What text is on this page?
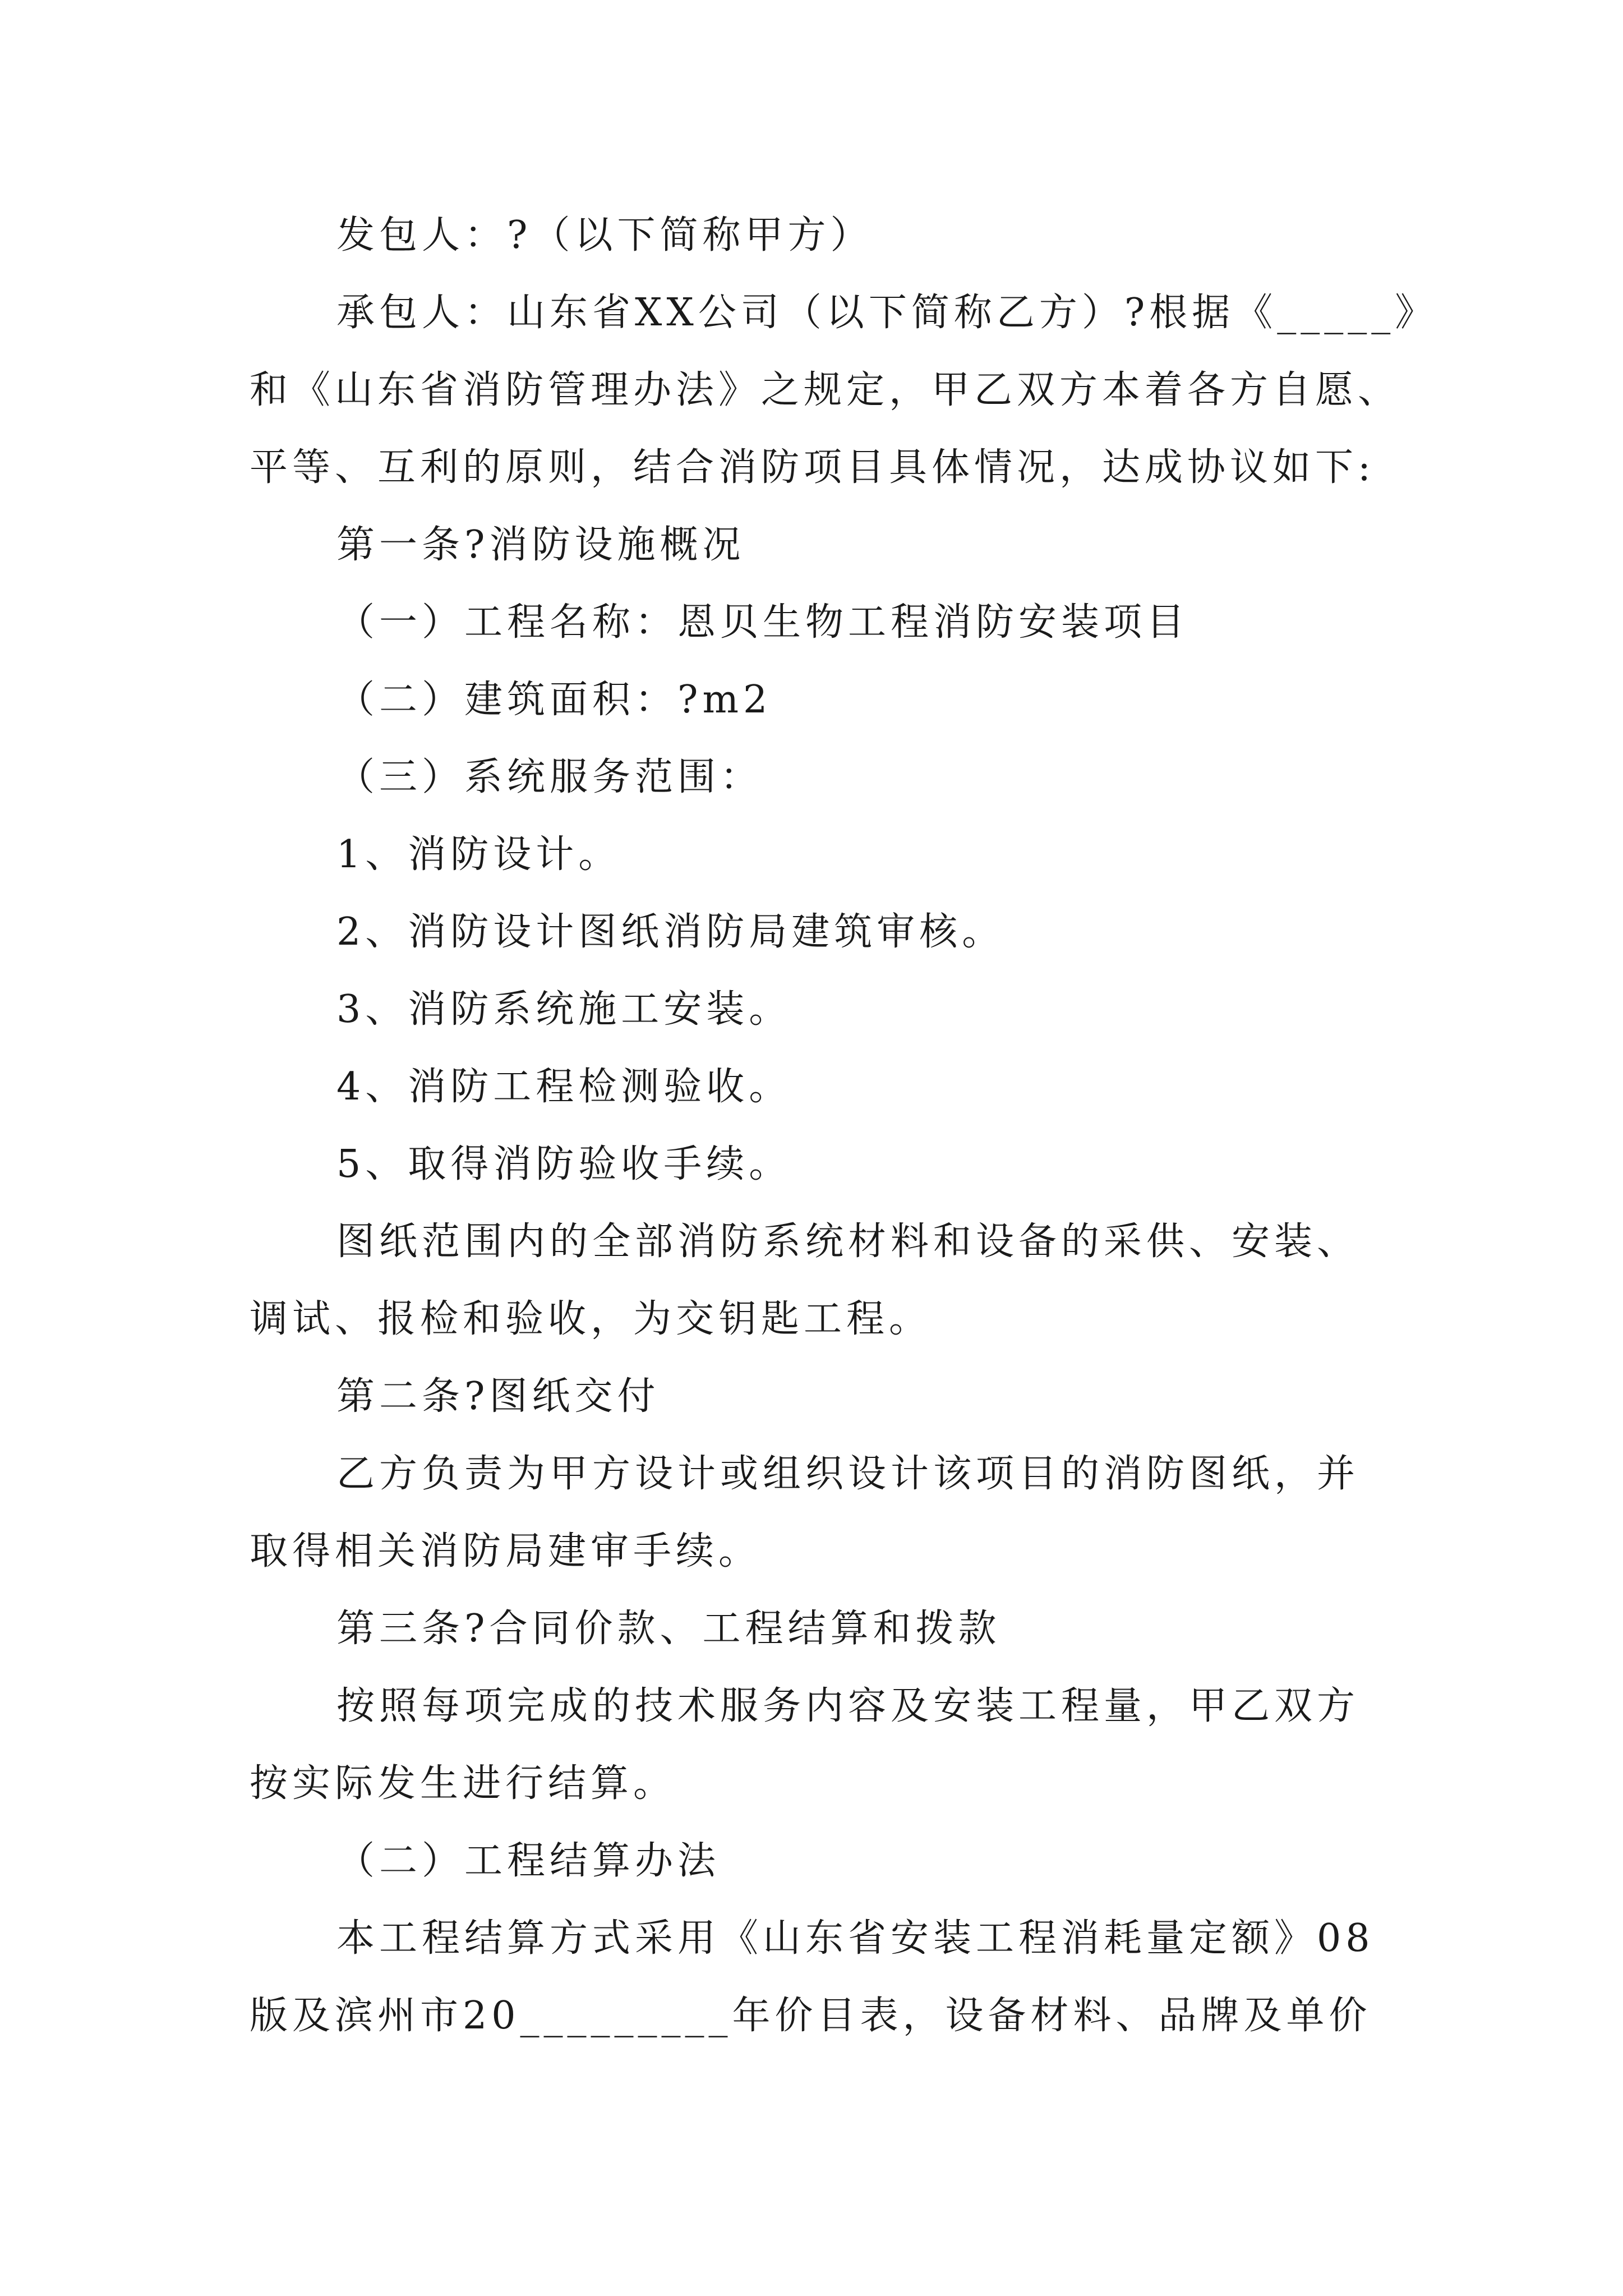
发包人：?（以下简称甲方）
承包人：山东省XX公司（以下简称乙方）?根据《_____》
和《山东省消防管理办法》之规定，甲乙双方本着各方自愿、
平等、互利的原则，结合消防项目具体情况，达成协议如下:
第一条?消防设施概况
（一）工程名称：恩贝生物工程消防安装项目
（二）建筑面积：?m2
（三）系统服务范围：
1、消防设计。
2、消防设计图纸消防局建筑审核。
3、消防系统施工安装。
4、消防工程检测验收。
5、取得消防验收手续。
图纸范围内的全部消防系统材料和设备的采供、安装、
调试、报检和验收，为交钥匙工程。
第二条?图纸交付
乙方负责为甲方设计或组织设计该项目的消防图纸，并
取得相关消防局建审手续。
第三条?合同价款、工程结算和拨款
按照每项完成的技术服务内容及安装工程量，甲乙双方
按实际发生进行结算。
（二）工程结算办法
本工程结算方式采用《山东省安装工程消耗量定额》08
版及滨州市20_________年价目表，设备材料、品牌及单价
